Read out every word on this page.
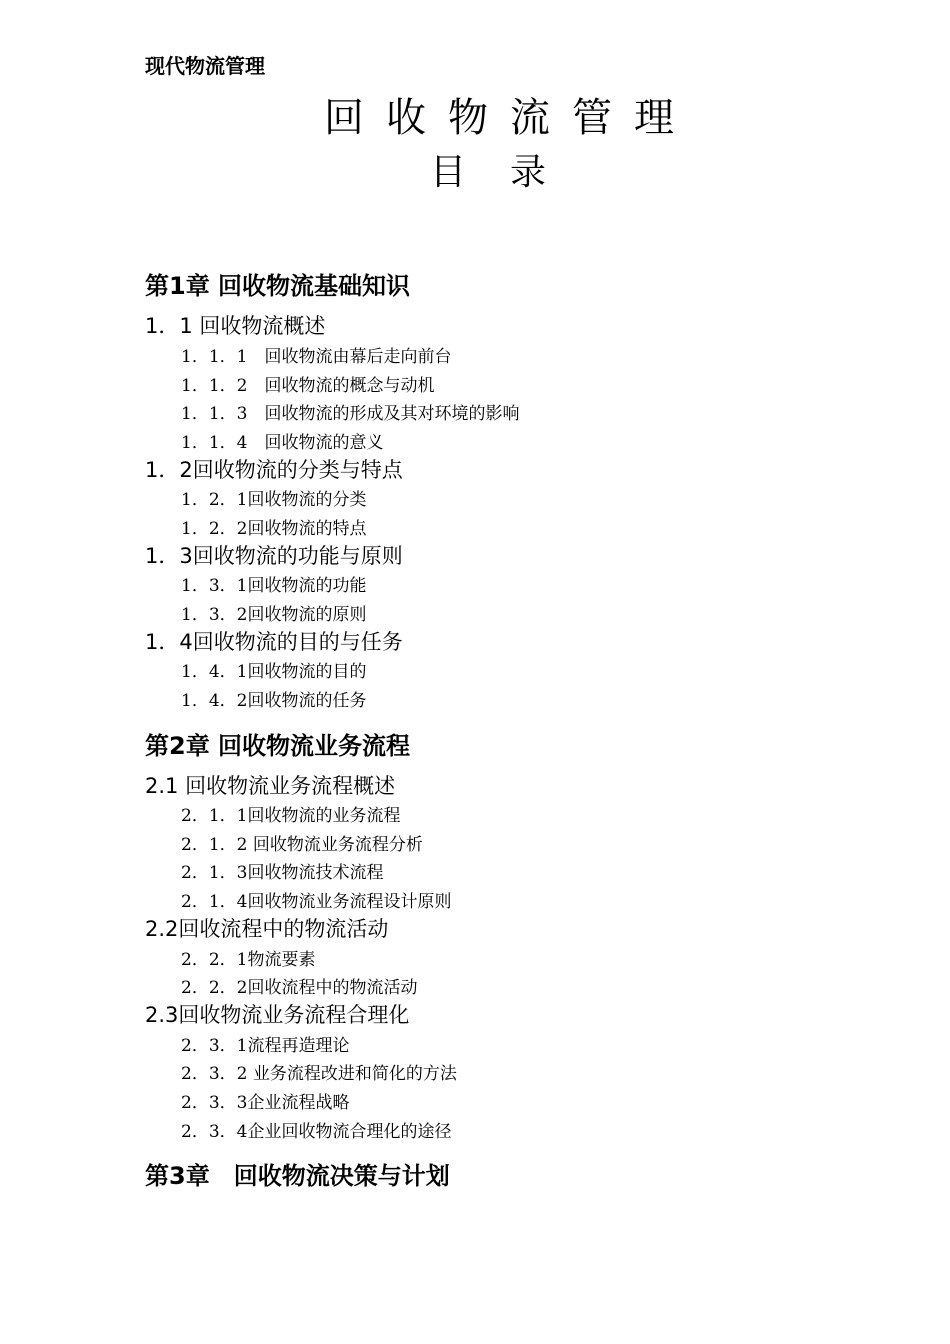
现代物流管理
回收物流管理
目录
第1章 回收物流基础知识
1．1 回收物流概述
1．1．1　回收物流由幕后走向前台
1．1．2　回收物流的概念与动机
1．1．3　回收物流的形成及其对环境的影响
1．1．4　回收物流的意义
1．2回收物流的分类与特点
1．2．1回收物流的分类
1．2．2回收物流的特点
1．3回收物流的功能与原则
1．3．1回收物流的功能
1．3．2回收物流的原则
1．4回收物流的目的与任务
1．4．1回收物流的目的
1．4．2回收物流的任务
第2章 回收物流业务流程
2.1 回收物流业务流程概述
2．1．1回收物流的业务流程
2．1．2 回收物流业务流程分析
2．1．3回收物流技术流程
2．1．4回收物流业务流程设计原则
2.2回收流程中的物流活动
2．2．1物流要素
2．2．2回收流程中的物流活动
2.3回收物流业务流程合理化
2．3．1流程再造理论
2．3．2 业务流程改进和简化的方法
2．3．3企业流程战略
2．3．4企业回收物流合理化的途径
第3章　回收物流决策与计划
